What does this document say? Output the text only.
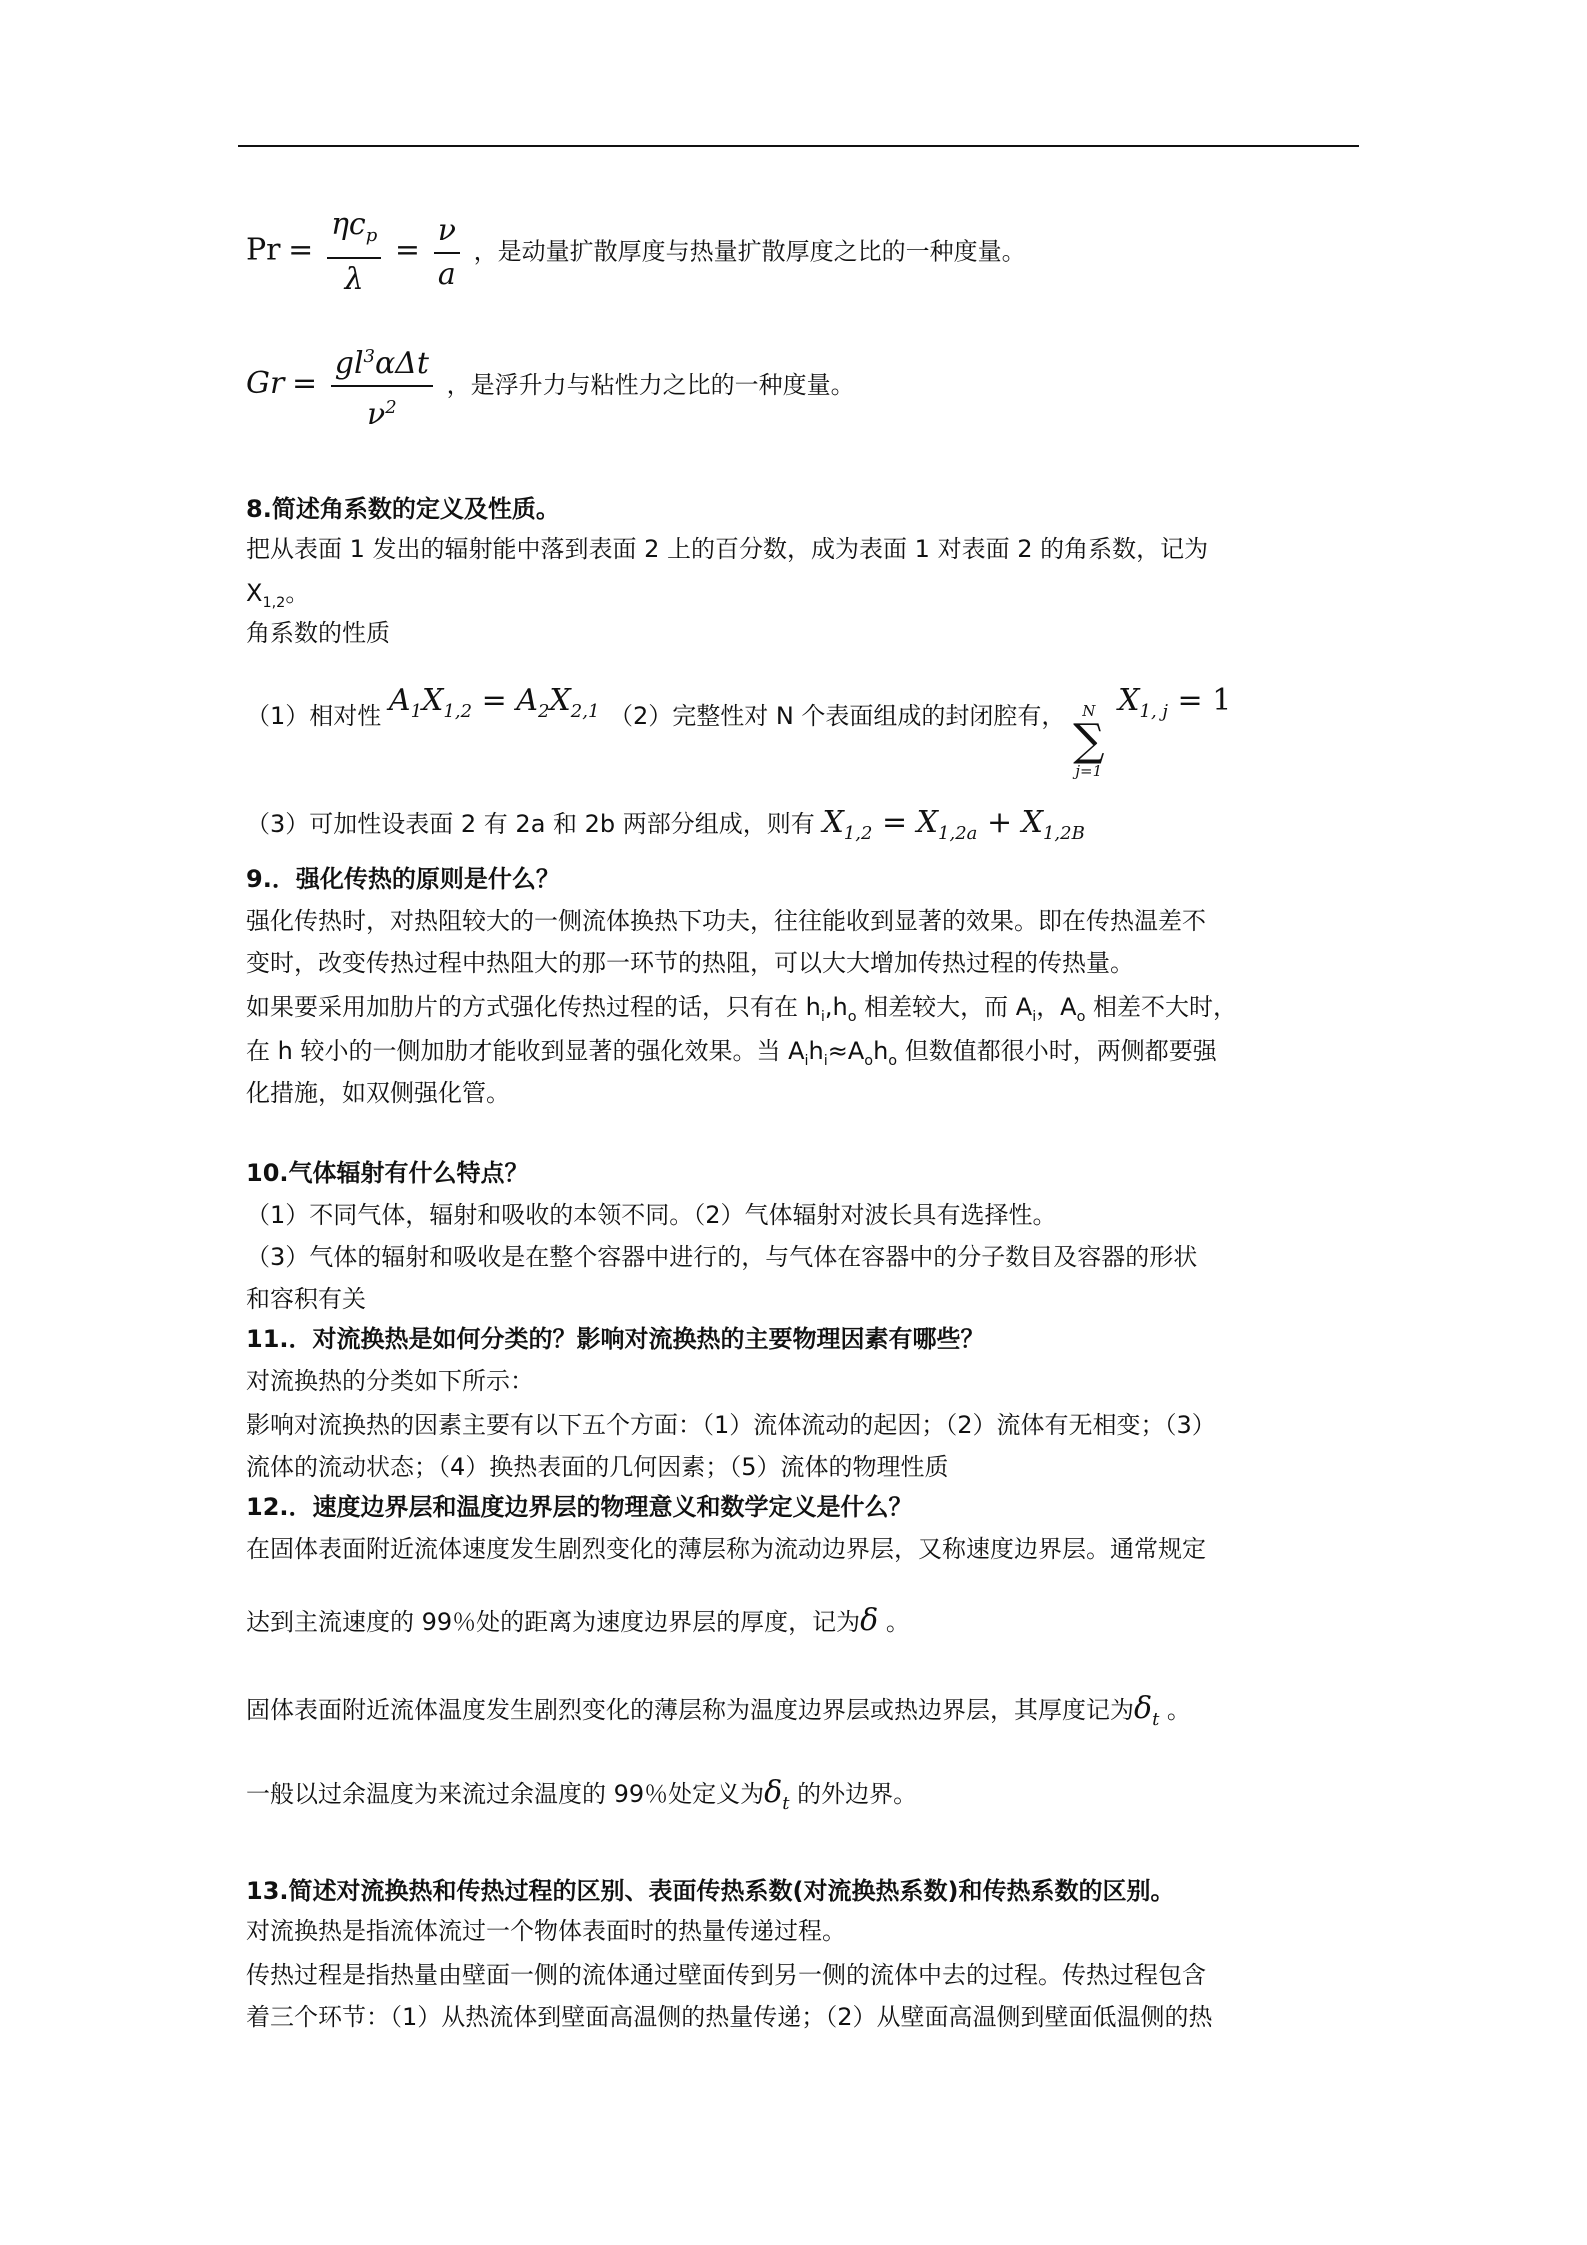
$Pr = \frac{\eta c_p}{\lambda} = \frac{\nu}{a}$ ，是动量扩散厚度与热量扩散厚度之比的一种度量。
$Gr = \frac{gl^3\alpha\Delta t}{\nu^2}$ ，是浮升力与粘性力之比的一种度量。
8.简述角系数的定义及性质。
把从表面 1 发出的辐射能中落到表面 2 上的百分数，成为表面 1 对表面 2 的角系数，记为
$X_{1,2}$。
角系数的性质
（1）相对性 $A_1X_{1,2} = A_2X_{2,1}$ （2）完整性对 N 个表面组成的封闭腔有， N
∑
j=1
$X_{1, j} = 1$
（3）可加性设表面 2 有 2a 和 2b 两部分组成，则有 $X_{1,2} = X_{1,2a} + X_{1,2B}$
9.．强化传热的原则是什么？
强化传热时，对热阻较大的一侧流体换热下功夫，往往能收到显著的效果。即在传热温差不
变时，改变传热过程中热阻大的那一环节的热阻，可以大大增加传热过程的传热量。
如果要采用加肋片的方式强化传热过程的话，只有在 $h_i,h_o$ 相差较大，而 $A_i$，$A_o$ 相差不大时，
在 h 较小的一侧加肋才能收到显著的强化效果。当 $A_ih_i\approx A_oh_o$ 但数值都很小时，两侧都要强
化措施，如双侧强化管。
10.气体辐射有什么特点？
（1）不同气体，辐射和吸收的本领不同。（2）气体辐射对波长具有选择性。
（3）气体的辐射和吸收是在整个容器中进行的，与气体在容器中的分子数目及容器的形状
和容积有关
11.．对流换热是如何分类的？影响对流换热的主要物理因素有哪些？
对流换热的分类如下所示：
影响对流换热的因素主要有以下五个方面：（1）流体流动的起因；（2）流体有无相变；（3）
流体的流动状态；（4）换热表面的几何因素；（5）流体的物理性质
12.．速度边界层和温度边界层的物理意义和数学定义是什么？
在固体表面附近流体速度发生剧烈变化的薄层称为流动边界层，又称速度边界层。通常规定
达到主流速度的 99％处的距离为速度边界层的厚度，记为δ 。
固体表面附近流体温度发生剧烈变化的薄层称为温度边界层或热边界层，其厚度记为$\delta_t$ 。
一般以过余温度为来流过余温度的 99％处定义为$\delta_t$ 的外边界。
13.简述对流换热和传热过程的区别、表面传热系数(对流换热系数)和传热系数的区别。
对流换热是指流体流过一个物体表面时的热量传递过程。
传热过程是指热量由壁面一侧的流体通过壁面传到另一侧的流体中去的过程。传热过程包含
着三个环节：（1）从热流体到壁面高温侧的热量传递；（2）从壁面高温侧到壁面低温侧的热
